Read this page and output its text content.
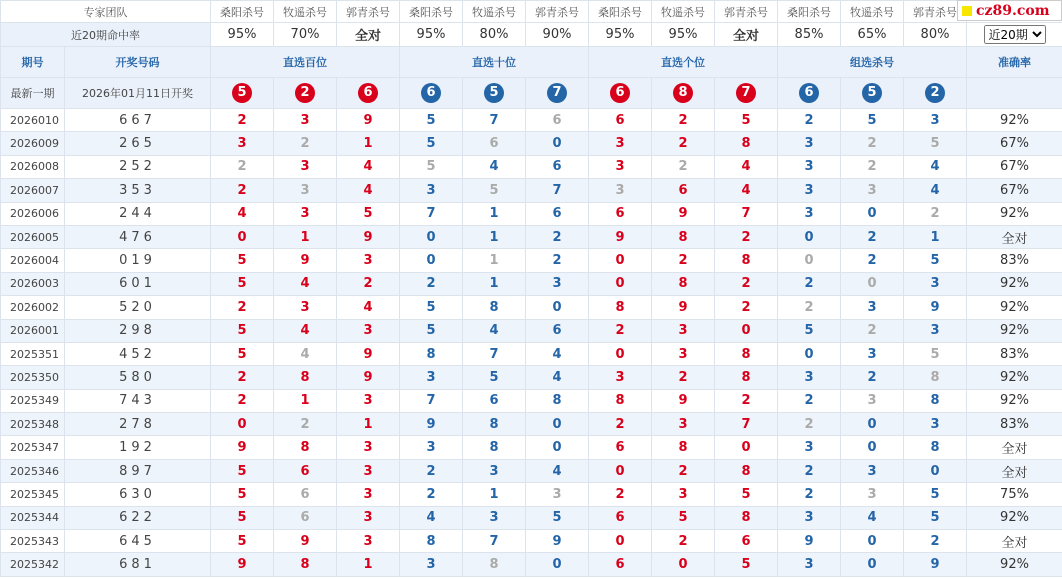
cz89.com
专家团队		桑阳杀号	牧遥杀号	郭青杀号	桑阳杀号	牧遥杀号	郭青杀号	桑阳杀号	牧遥杀号	郭青杀号	桑阳杀号	牧遥杀号	郭青杀号	
近20期命中率		95%	70%	全对	95%	80%	90%	95%	95%	全对	85%	65%	80%	
近20期
期号	开奖号码	直选百位			直选十位			直选个位			组选杀号			准确率
最新一期	2026年01月11日开奖	5	2	6	6	5	7	6	8	7	6	5	2	
2026010	667	2	3	9	5	7	6	6	2	5	2	5	3	92%
2026009	265	3	2	1	5	6	0	3	2	8	3	2	5	67%
2026008	252	2	3	4	5	4	6	3	2	4	3	2	4	67%
2026007	353	2	3	4	3	5	7	3	6	4	3	3	4	67%
2026006	244	4	3	5	7	1	6	6	9	7	3	0	2	92%
2026005	476	0	1	9	0	1	2	9	8	2	0	2	1	全对
2026004	019	5	9	3	0	1	2	0	2	8	0	2	5	83%
2026003	601	5	4	2	2	1	3	0	8	2	2	0	3	92%
2026002	520	2	3	4	5	8	0	8	9	2	2	3	9	92%
2026001	298	5	4	3	5	4	6	2	3	0	5	2	3	92%
2025351	452	5	4	9	8	7	4	0	3	8	0	3	5	83%
2025350	580	2	8	9	3	5	4	3	2	8	3	2	8	92%
2025349	743	2	1	3	7	6	8	8	9	2	2	3	8	92%
2025348	278	0	2	1	9	8	0	2	3	7	2	0	3	83%
2025347	192	9	8	3	3	8	0	6	8	0	3	0	8	全对
2025346	897	5	6	3	2	3	4	0	2	8	2	3	0	全对
2025345	630	5	6	3	2	1	3	2	3	5	2	3	5	75%
2025344	622	5	6	3	4	3	5	6	5	8	3	4	5	92%
2025343	645	5	9	3	8	7	9	0	2	6	9	0	2	全对
2025342	681	9	8	1	3	8	0	6	0	5	3	0	9	92%
